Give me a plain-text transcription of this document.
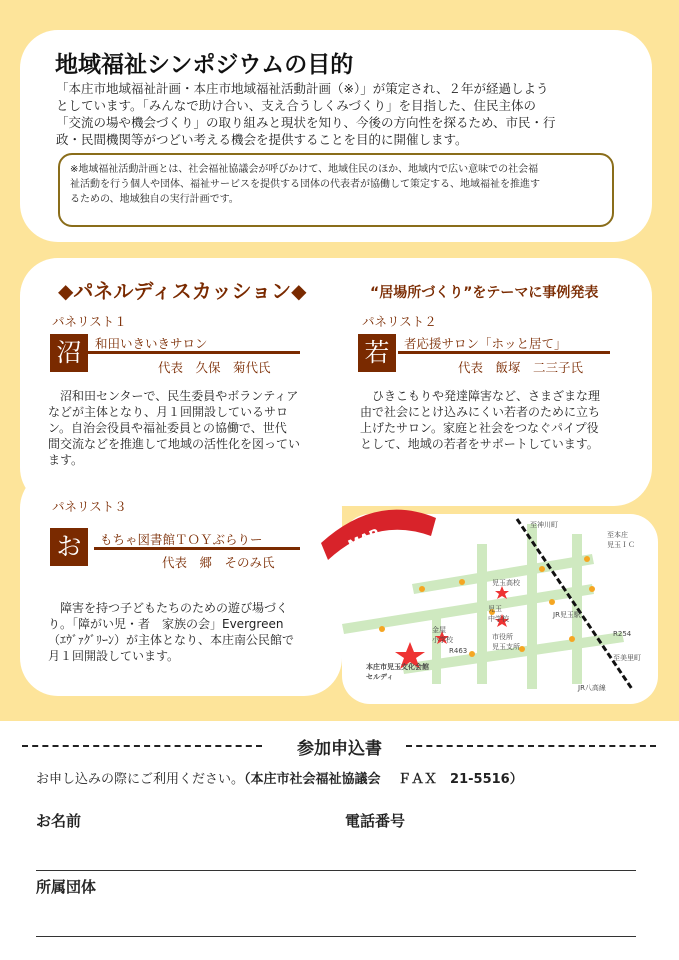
地域福祉シンポジウムの目的
「本庄市地域福祉計画・本庄市地域福祉活動計画（※）」が策定され、２年が経過しよう
としています。「みんなで助け合い、支え合うしくみづくり」を目指した、住民主体の
「交流の場や機会づくり」の取り組みと現状を知り、今後の方向性を探るため、市民・行
政・民間機関等がつどい考える機会を提供することを目的に開催します。
※地域福祉活動計画とは、社会福祉協議会が呼びかけて、地域住民のほか、地域内で広い意味での社会福
祉活動を行う個人や団体、福祉サービスを提供する団体の代表者が協働して策定する、地域福祉を推進す
るための、地域独自の実行計画です。
◆パネルディスカッション◆	“居場所づくり”をテーマに事例発表
パネリスト１
沼	和田いきいきサロン
代表　久保　菊代氏
　沼和田センターで、民生委員やボランティア
などが主体となり、月１回開設しているサロ
ン。自治会役員や福祉委員との協働で、世代
間交流などを推進して地域の活性化を図ってい
ます。
パネリスト２
若	者応援サロン「ホッと居て」
代表　飯塚　二三子氏
　ひきこもりや発達障害など、さまざまな理
由で社会にとけ込みにくい若者のために立ち
上げたサロン。家庭と社会をつなぐパイプ役
として、地域の若者をサポートしています。
パネリスト３
お	もちゃ図書館ＴＯＹぶらりー
代表　郷　そのみ氏
　障害を持つ子どもたちのための遊び場づく
り。「障がい児・者　家族の会」Evergreen
（ｴｳﾞｧｸﾞﾘｰﾝ）が主体となり、本庄南公民館で
月１回開設しています。
至神川町
至本庄
児玉ＩＣ
児玉高校
児玉
中学校	JR児玉駅
R254
金屋
小学校
R463
市役所
児玉支所
至美里町
本庄市児玉文化会館
セルディ
JR八高線
MAP
参加申込書
お申し込みの際にご利用ください。（本庄市社会福祉協議会　 ＦＡＸ　21-5516）
お名前	電話番号
所属団体
